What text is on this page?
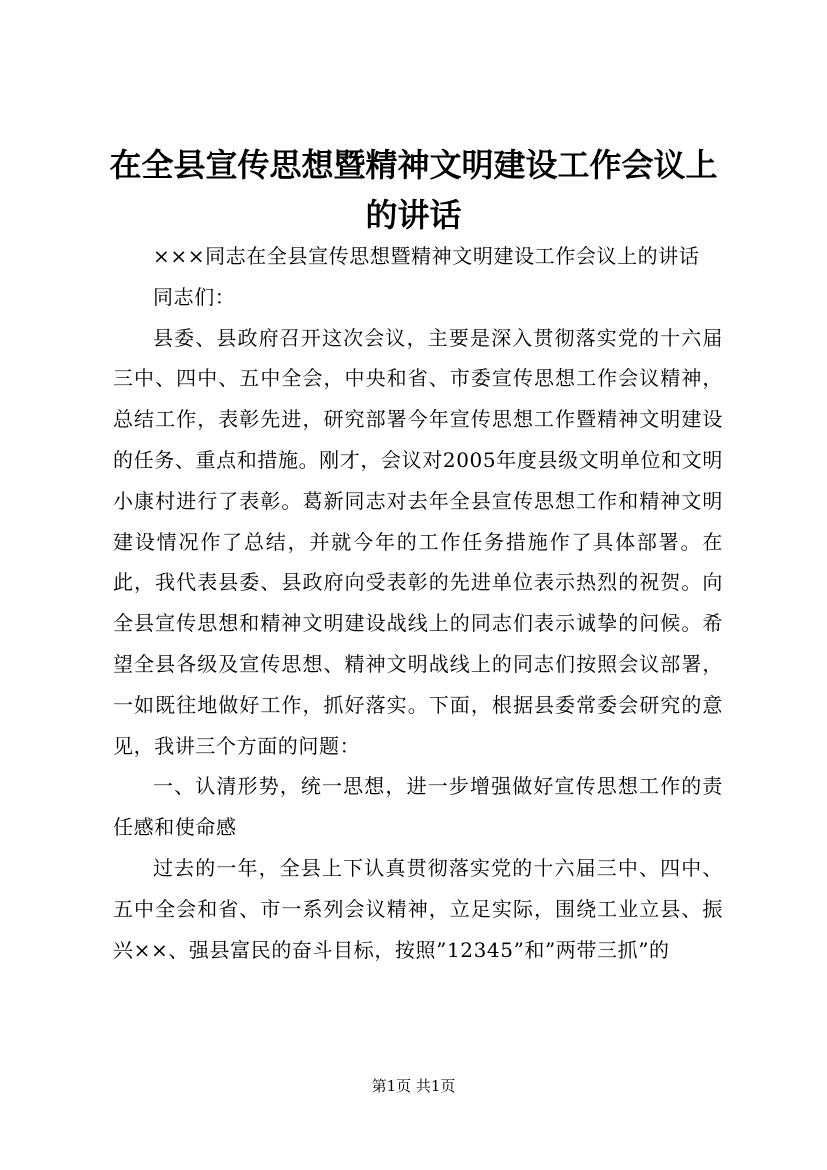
在全县宣传思想暨精神文明建设工作会议上的讲话

×××同志在全县宣传思想暨精神文明建设工作会议上的讲话

同志们：

县委、县政府召开这次会议，主要是深入贯彻落实党的十六届三中、四中、五中全会，中央和省、市委宣传思想工作会议精神，总结工作，表彰先进，研究部署今年宣传思想工作暨精神文明建设的任务、重点和措施。刚才，会议对2005年度县级文明单位和文明小康村进行了表彰。葛新同志对去年全县宣传思想工作和精神文明建设情况作了总结，并就今年的工作任务措施作了具体部署。在此，我代表县委、县政府向受表彰的先进单位表示热烈的祝贺。向全县宣传思想和精神文明建设战线上的同志们表示诚挚的问候。希望全县各级及宣传思想、精神文明战线上的同志们按照会议部署，一如既往地做好工作，抓好落实。下面，根据县委常委会研究的意见，我讲三个方面的问题：

一、认清形势，统一思想，进一步增强做好宣传思想工作的责任感和使命感

过去的一年，全县上下认真贯彻落实党的十六届三中、四中、五中全会和省、市一系列会议精神，立足实际，围绕工业立县、振兴××、强县富民的奋斗目标，按照”12345”和”两带三抓”的

第1页 共1页
